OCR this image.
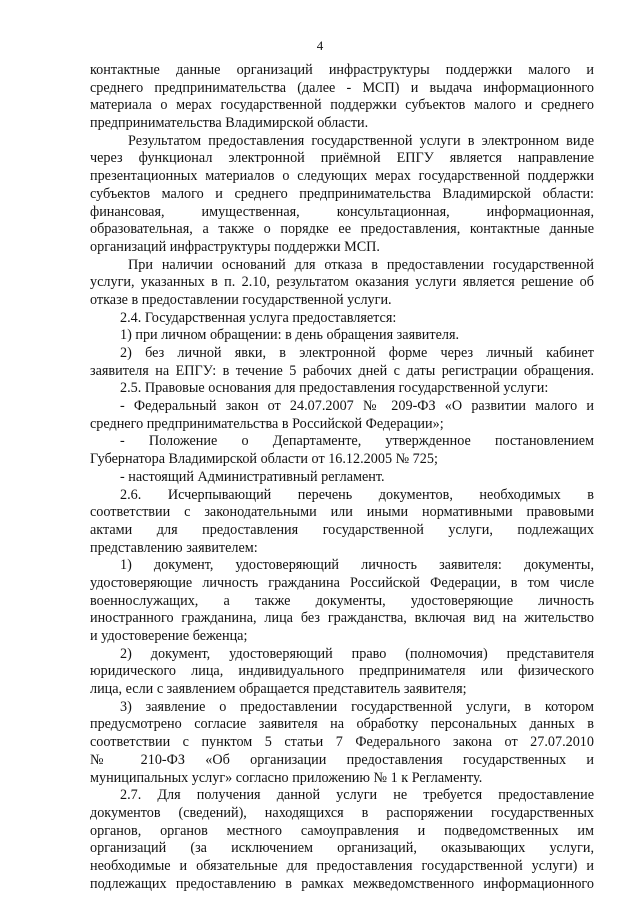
4
контактные данные организаций инфраструктуры поддержки малого и
среднего предпринимательства (далее - МСП) и выдача информационного
материала о мерах государственной поддержки субъектов малого и среднего
предпринимательства Владимирской области.
Результатом предоставления государственной услуги в электронном виде
через функционал электронной приёмной ЕПГУ является направление
презентационных материалов о следующих мерах государственной поддержки
субъектов малого и среднего предпринимательства Владимирской области:
финансовая, имущественная, консультационная, информационная,
образовательная, а также о порядке ее предоставления, контактные данные
организаций инфраструктуры поддержки МСП.
При наличии оснований для отказа в предоставлении государственной
услуги, указанных в п. 2.10, результатом оказания услуги является решение об
отказе в предоставлении государственной услуги.
2.4. Государственная услуга предоставляется:
1) при личном обращении: в день обращения заявителя.
2) без личной явки, в электронной форме через личный кабинет
заявителя на ЕПГУ: в течение 5 рабочих дней с даты регистрации обращения.
2.5. Правовые основания для предоставления государственной услуги:
- Федеральный закон от 24.07.2007 № 209-ФЗ «О развитии малого и
среднего предпринимательства в Российской Федерации»;
- Положение о Департаменте, утвержденное постановлением
Губернатора Владимирской области от 16.12.2005 № 725;
- настоящий Административный регламент.
2.6. Исчерпывающий перечень документов, необходимых в
соответствии с законодательными или иными нормативными правовыми
актами для предоставления государственной услуги, подлежащих
представлению заявителем:
1) документ, удостоверяющий личность заявителя: документы,
удостоверяющие личность гражданина Российской Федерации, в том числе
военнослужащих, а также документы, удостоверяющие личность
иностранного гражданина, лица без гражданства, включая вид на жительство
и удостоверение беженца;
2) документ, удостоверяющий право (полномочия) представителя
юридического лица, индивидуального предпринимателя или физического
лица, если с заявлением обращается представитель заявителя;
3) заявление о предоставлении государственной услуги, в котором
предусмотрено согласие заявителя на обработку персональных данных в
соответствии с пунктом 5 статьи 7 Федерального закона от 27.07.2010
№ 210-ФЗ «Об организации предоставления государственных и
муниципальных услуг» согласно приложению № 1 к Регламенту.
2.7. Для получения данной услуги не требуется предоставление
документов (сведений), находящихся в распоряжении государственных
органов, органов местного самоуправления и подведомственных им
организаций (за исключением организаций, оказывающих услуги,
необходимые и обязательные для предоставления государственной услуги) и
подлежащих предоставлению в рамках межведомственного информационного
